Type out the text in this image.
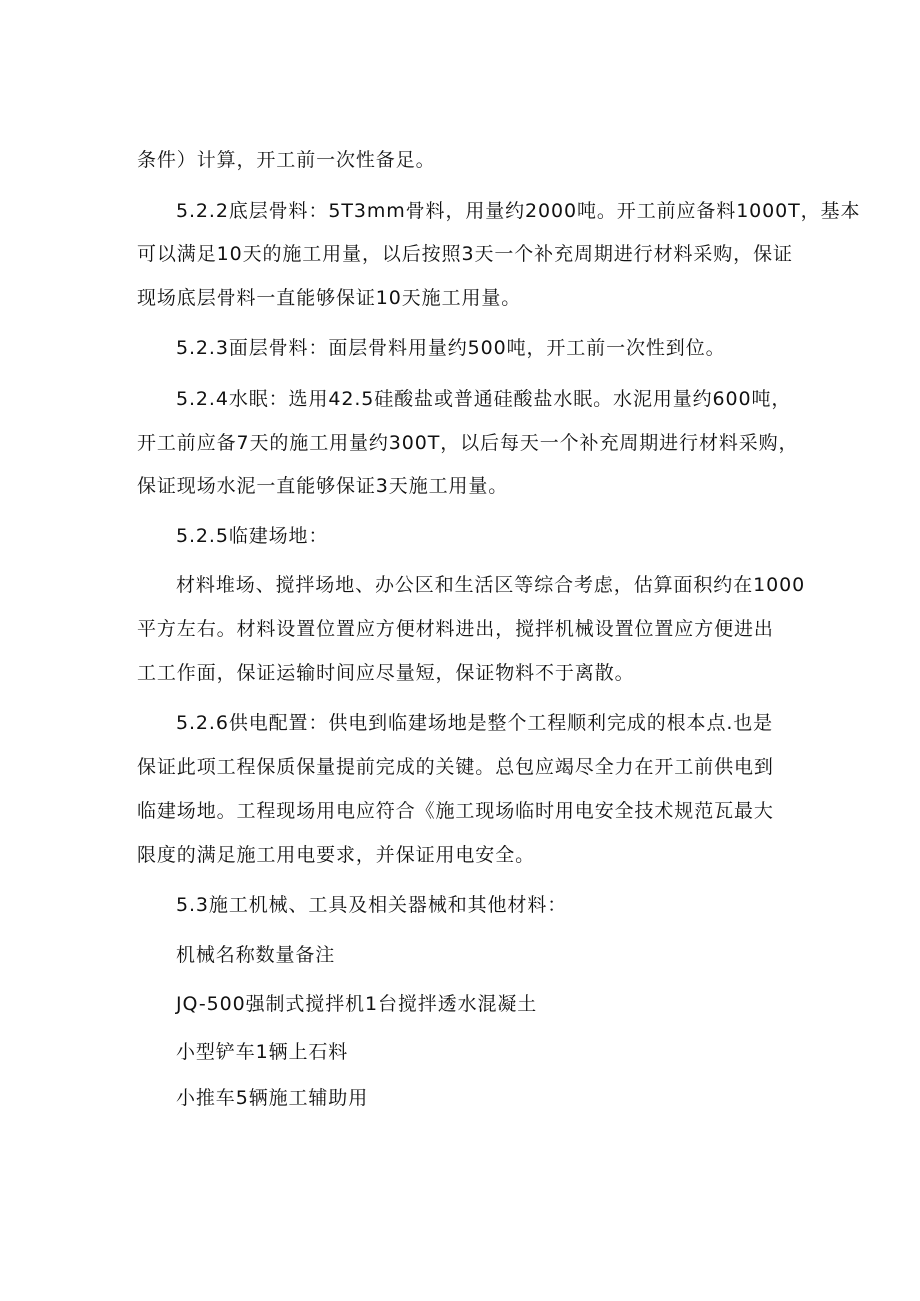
条件）计算，开工前一次性备足。
5.2.2底层骨料：5T3mm骨料，用量约2000吨。开工前应备料1000T，基本
可以满足10天的施工用量，以后按照3天一个补充周期进行材料采购，保证
现场底层骨料一直能够保证10天施工用量。
5.2.3面层骨料：面层骨料用量约500吨，开工前一次性到位。
5.2.4水眠：选用42.5硅酸盐或普通硅酸盐水眠。水泥用量约600吨，
开工前应备7天的施工用量约300T，以后每天一个补充周期进行材料采购，
保证现场水泥一直能够保证3天施工用量。
5.2.5临建场地：
材料堆场、搅拌场地、办公区和生活区等综合考虑，估算面积约在1000
平方左右。材料设置位置应方便材料进出，搅拌机械设置位置应方便进出
工工作面，保证运输时间应尽量短，保证物料不于离散。
5.2.6供电配置：供电到临建场地是整个工程顺利完成的根本点.也是
保证此项工程保质保量提前完成的关键。总包应竭尽全力在开工前供电到
临建场地。工程现场用电应符合《施工现场临时用电安全技术规范瓦最大
限度的满足施工用电要求，并保证用电安全。
5.3施工机械、工具及相关器械和其他材料：
机械名称数量备注
JQ-500强制式搅拌机1台搅拌透水混凝土
小型铲车1辆上石料
小推车5辆施工辅助用
